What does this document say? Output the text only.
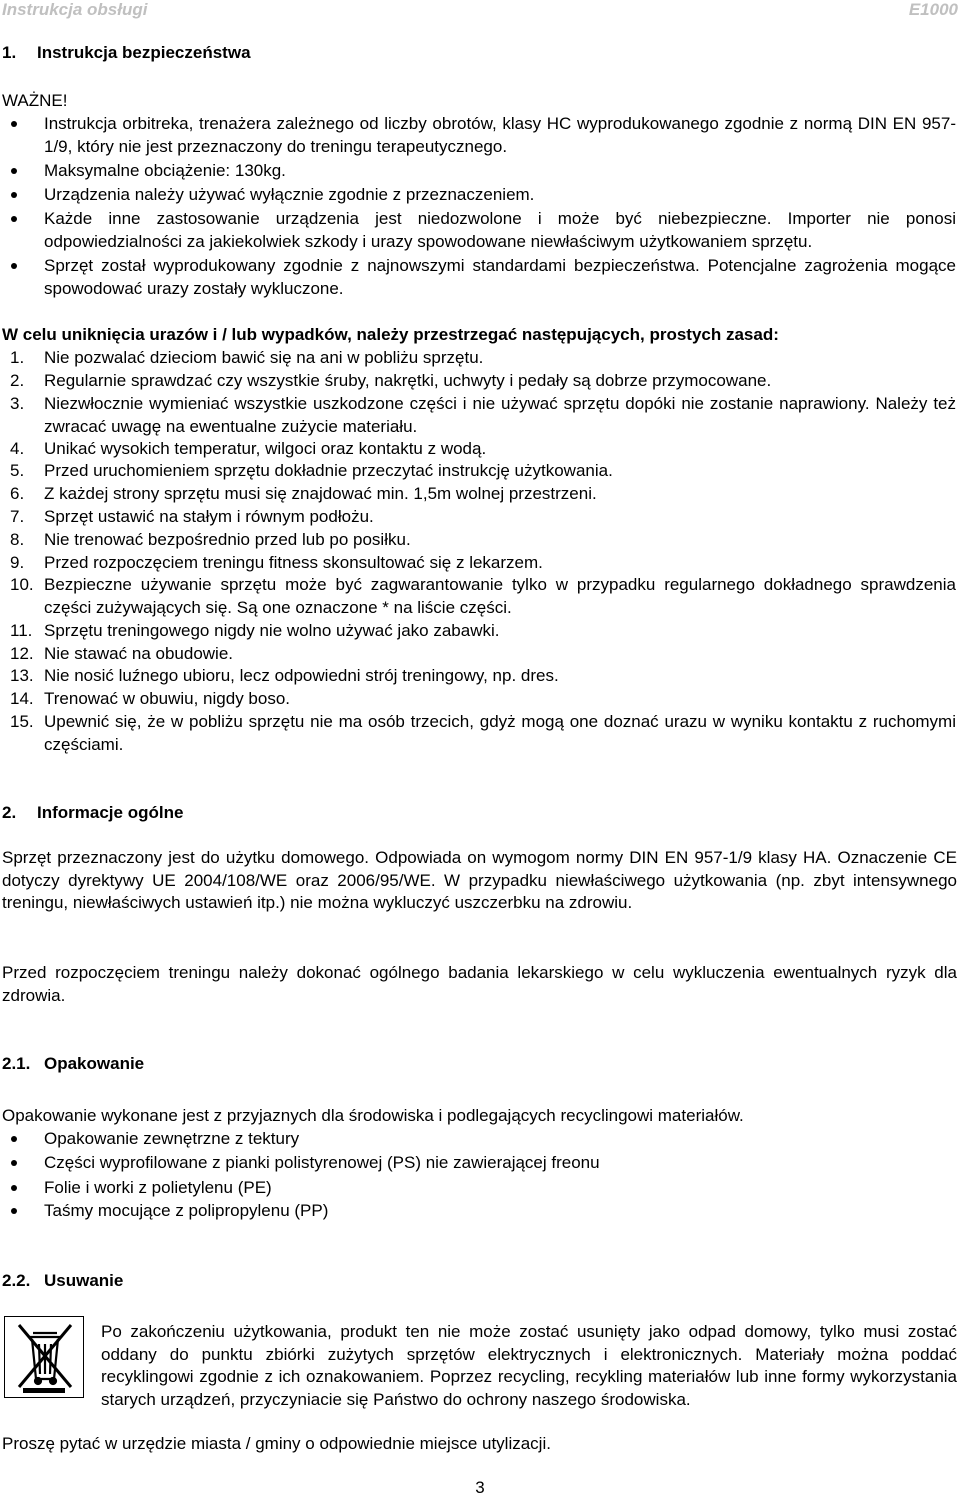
Instrukcja obsługi	E1000
1. Instrukcja bezpieczeństwa
WAŻNE!
Instrukcja orbitreka, trenażera zależnego od liczby obrotów, klasy HC wyprodukowanego zgodnie z normą DIN EN 957-1/9, który nie jest przeznaczony do treningu terapeutycznego.
Maksymalne obciążenie: 130kg.
Urządzenia należy używać wyłącznie zgodnie z przeznaczeniem.
Każde inne zastosowanie urządzenia jest niedozwolone i może być niebezpieczne. Importer nie ponosi odpowiedzialności za jakiekolwiek szkody i urazy spowodowane niewłaściwym użytkowaniem sprzętu.
Sprzęt został wyprodukowany zgodnie z najnowszymi standardami bezpieczeństwa. Potencjalne zagrożenia mogące spowodować urazy zostały wykluczone.
W celu uniknięcia urazów i / lub wypadków, należy przestrzegać następujących, prostych zasad:
1.	Nie pozwalać dzieciom bawić się na ani w pobliżu sprzętu.
2.	Regularnie sprawdzać czy wszystkie śruby, nakrętki, uchwyty i pedały są dobrze przymocowane.
3.	Niezwłocznie wymieniać wszystkie uszkodzone części i nie używać sprzętu dopóki nie zostanie naprawiony. Należy też zwracać uwagę na ewentualne zużycie materiału.
4.	Unikać wysokich temperatur, wilgoci oraz kontaktu z wodą.
5.	Przed uruchomieniem sprzętu dokładnie przeczytać instrukcję użytkowania.
6.	Z każdej strony sprzętu musi się znajdować min. 1,5m wolnej przestrzeni.
7.	Sprzęt ustawić na stałym i równym podłożu.
8.	Nie trenować bezpośrednio przed lub po posiłku.
9.	Przed rozpoczęciem treningu fitness skonsultować się z lekarzem.
10. Bezpieczne używanie sprzętu może być zagwarantowanie tylko w przypadku regularnego dokładnego sprawdzenia części zużywających się. Są one oznaczone * na liście części.
11. Sprzętu treningowego nigdy nie wolno używać jako zabawki.
12. Nie stawać na obudowie.
13. Nie nosić luźnego ubioru, lecz odpowiedni strój treningowy, np. dres.
14. Trenować w obuwiu, nigdy boso.
15. Upewnić się, że w pobliżu sprzętu nie ma osób trzecich, gdyż mogą one doznać urazu w wyniku kontaktu z ruchomymi częściami.
2. Informacje ogólne
Sprzęt przeznaczony jest do użytku domowego. Odpowiada on wymogom normy DIN EN 957-1/9 klasy HA. Oznaczenie CE dotyczy dyrektywy UE 2004/108/WE oraz 2006/95/WE. W przypadku niewłaściwego użytkowania (np. zbyt intensywnego treningu, niewłaściwych ustawień itp.) nie można wykluczyć uszczerbku na zdrowiu.
Przed rozpoczęciem treningu należy dokonać ogólnego badania lekarskiego w celu wykluczenia ewentualnych ryzyk dla zdrowia.
2.1. Opakowanie
Opakowanie wykonane jest z przyjaznych dla środowiska i podlegających recyclingowi materiałów.
Opakowanie zewnętrzne z tektury
Części wyprofilowane z pianki polistyrenowej (PS) nie zawierającej freonu
Folie i worki z polietylenu (PE)
Taśmy mocujące z polipropylenu (PP)
2.2. Usuwanie
Po zakończeniu użytkowania, produkt ten nie może zostać usunięty jako odpad domowy, tylko musi zostać oddany do punktu zbiórki zużytych sprzętów elektrycznych i elektronicznych. Materiały można poddać recyklingowi zgodnie z ich oznakowaniem. Poprzez recycling, recykling materiałów lub inne formy wykorzystania starych urządzeń, przyczyniacie się Państwo do ochrony naszego środowiska.
Proszę pytać w urzędzie miasta / gminy o odpowiednie miejsce utylizacji.
3
